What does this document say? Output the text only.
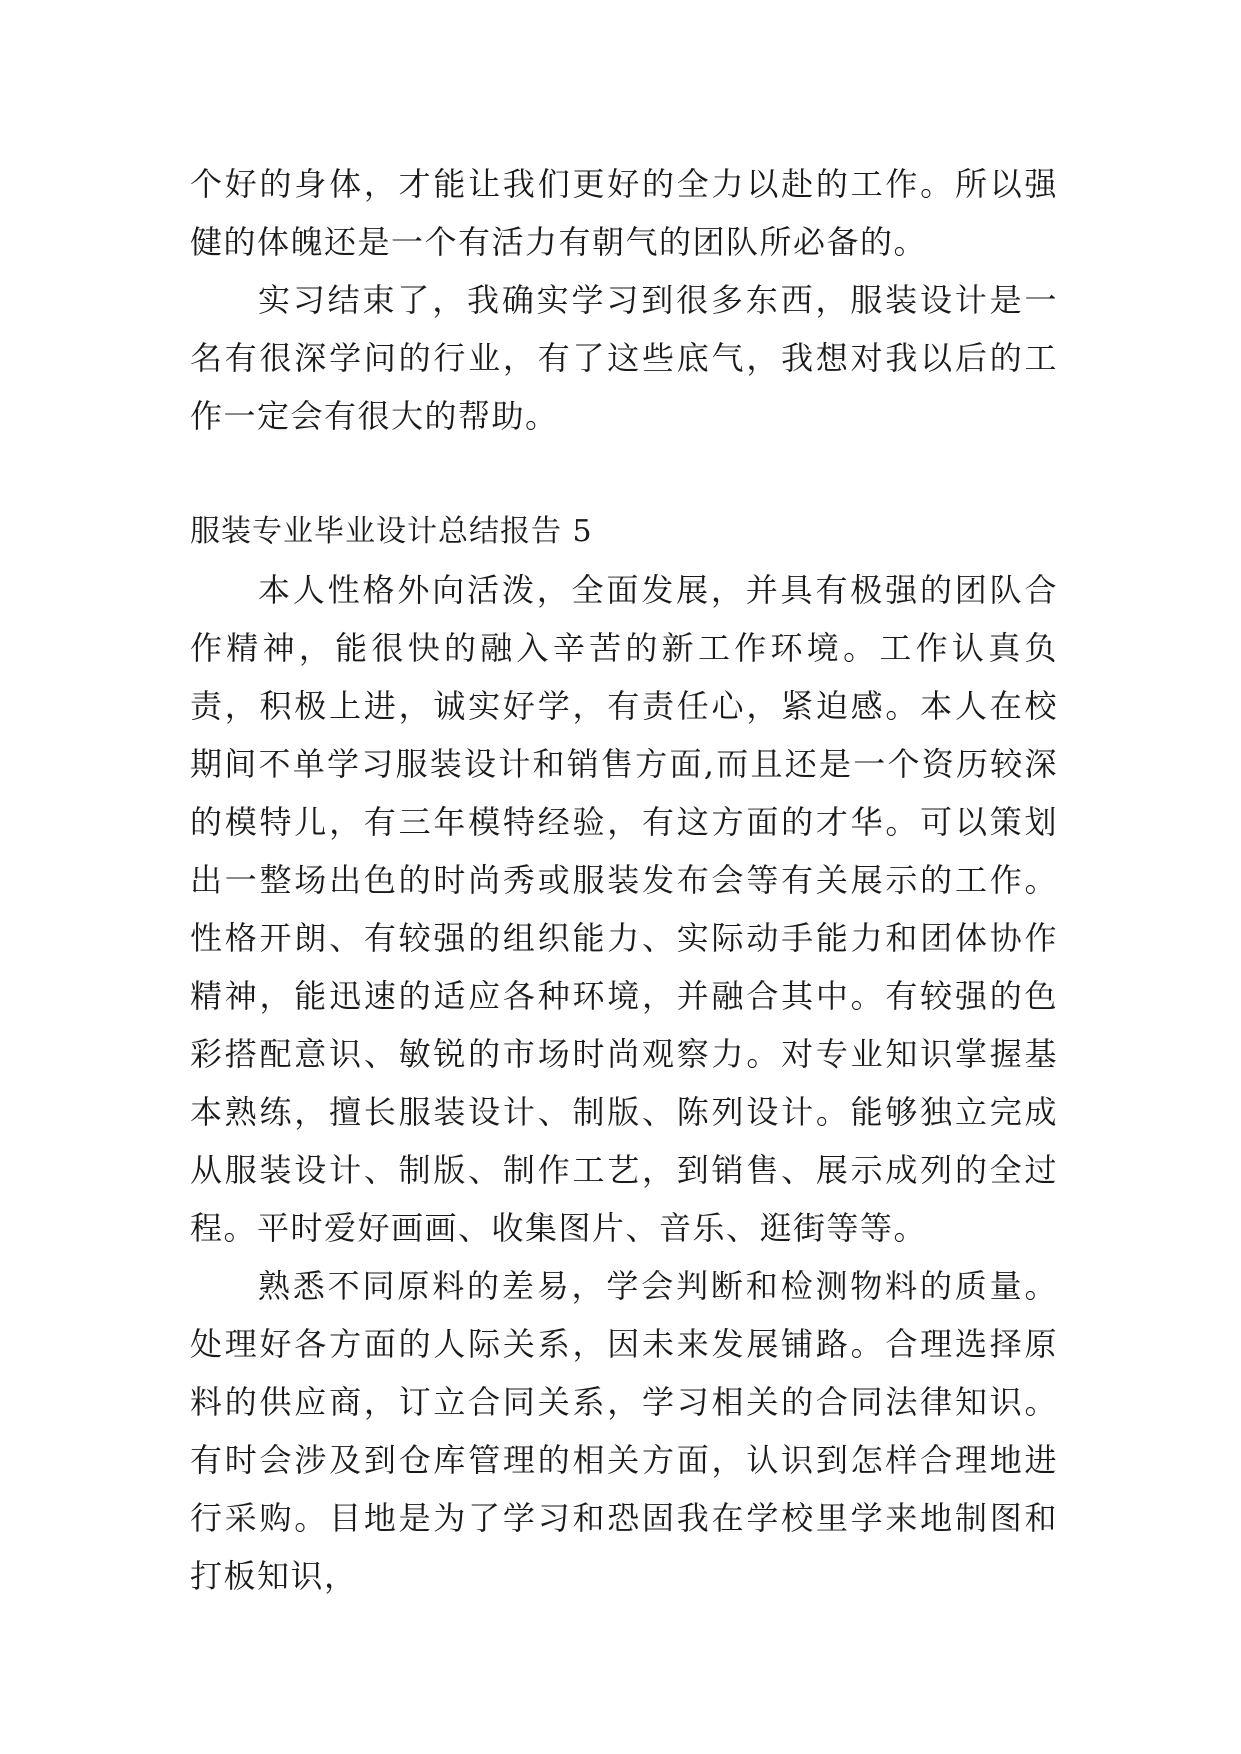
个好的身体，才能让我们更好的全力以赴的工作。所以强健的体魄还是一个有活力有朝气的团队所必备的。

实习结束了，我确实学习到很多东西，服装设计是一名有很深学问的行业，有了这些底气，我想对我以后的工作一定会有很大的帮助。

服装专业毕业设计总结报告 5

本人性格外向活泼，全面发展，并具有极强的团队合作精神，能很快的融入辛苦的新工作环境。工作认真负责，积极上进，诚实好学，有责任心，紧迫感。本人在校期间不单学习服装设计和销售方面,而且还是一个资历较深的模特儿，有三年模特经验，有这方面的才华。可以策划出一整场出色的时尚秀或服装发布会等有关展示的工作。性格开朗、有较强的组织能力、实际动手能力和团体协作精神，能迅速的适应各种环境，并融合其中。有较强的色彩搭配意识、敏锐的市场时尚观察力。对专业知识掌握基本熟练，擅长服装设计、制版、陈列设计。能够独立完成从服装设计、制版、制作工艺，到销售、展示成列的全过程。平时爱好画画、收集图片、音乐、逛街等等。

熟悉不同原料的差易，学会判断和检测物料的质量。处理好各方面的人际关系，因未来发展铺路。合理选择原料的供应商，订立合同关系，学习相关的合同法律知识。有时会涉及到仓库管理的相关方面，认识到怎样合理地进行采购。目地是为了学习和恐固我在学校里学来地制图和打板知识，
